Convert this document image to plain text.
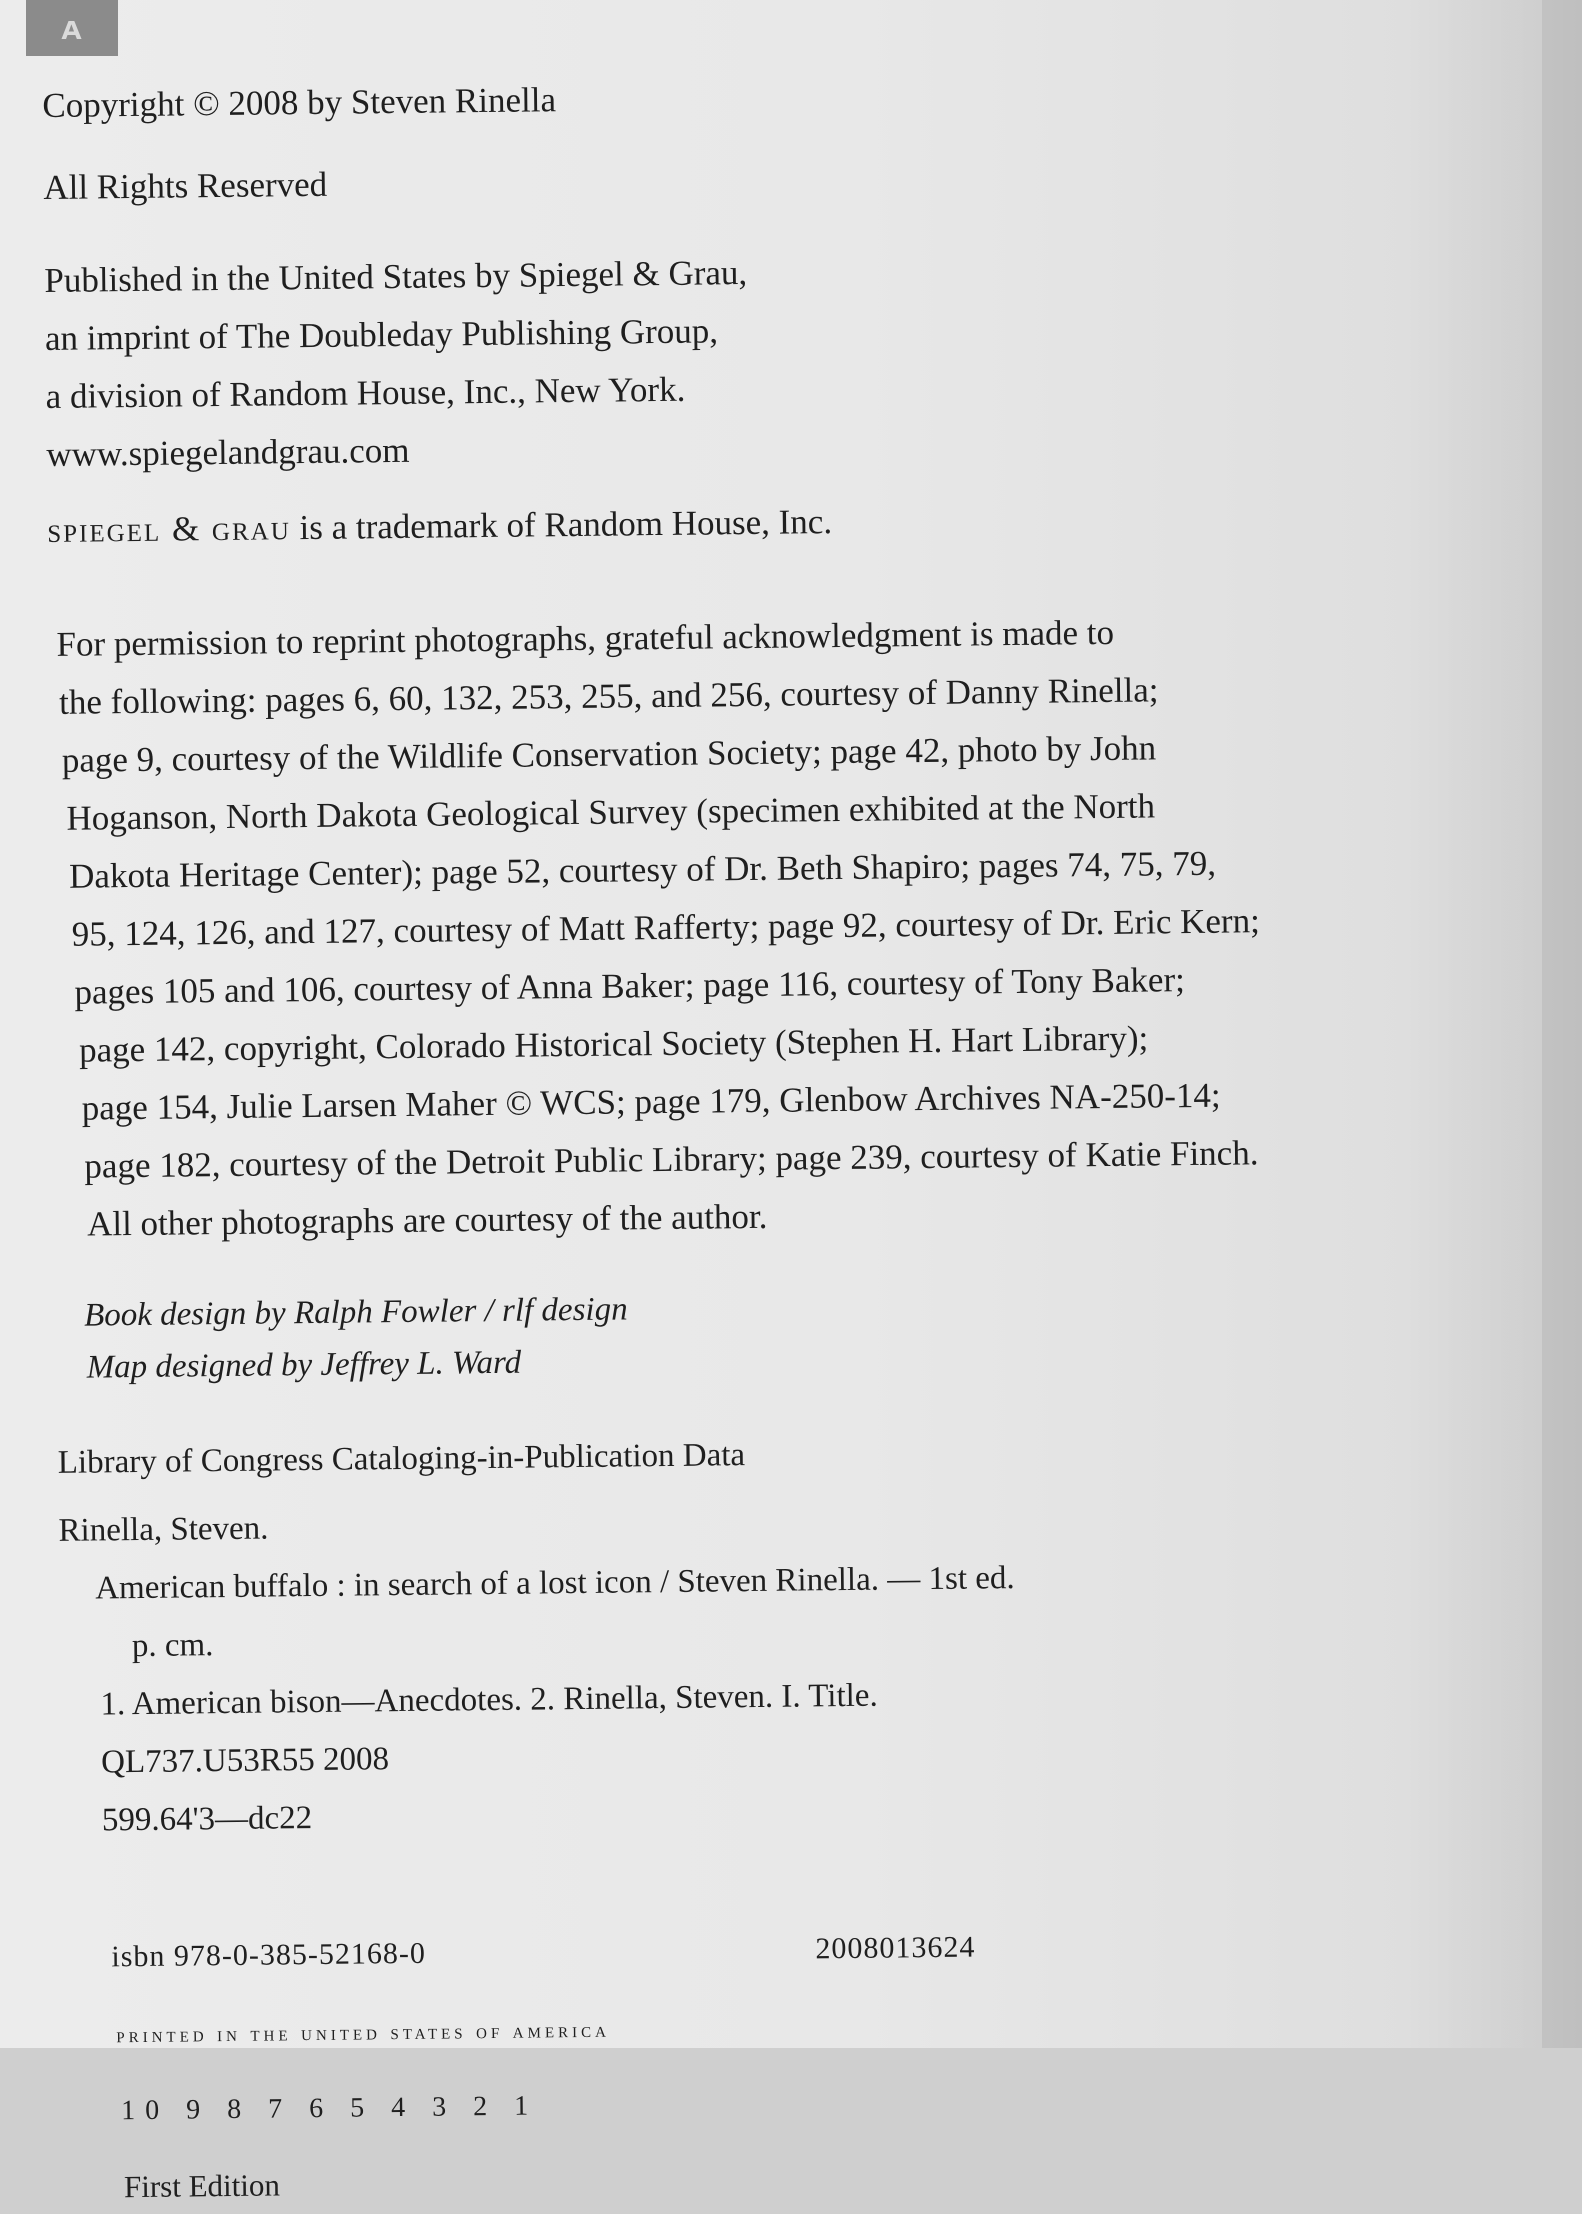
ᴀ

Copyright © 2008 by Steven Rinella

All Rights Reserved

Published in the United States by Spiegel & Grau,
an imprint of The Doubleday Publishing Group,
a division of Random House, Inc., New York.
www.spiegelandgrau.com

spiegel & grau is a trademark of Random House, Inc.

For permission to reprint photographs, grateful acknowledgment is made to
the following: pages 6, 60, 132, 253, 255, and 256, courtesy of Danny Rinella;
page 9, courtesy of the Wildlife Conservation Society; page 42, photo by John
Hoganson, North Dakota Geological Survey (specimen exhibited at the North
Dakota Heritage Center); page 52, courtesy of Dr. Beth Shapiro; pages 74, 75, 79,
95, 124, 126, and 127, courtesy of Matt Rafferty; page 92, courtesy of Dr. Eric Kern;
pages 105 and 106, courtesy of Anna Baker; page 116, courtesy of Tony Baker;
page 142, copyright, Colorado Historical Society (Stephen H. Hart Library);
page 154, Julie Larsen Maher © WCS; page 179, Glenbow Archives NA-250-14;
page 182, courtesy of the Detroit Public Library; page 239, courtesy of Katie Finch.
All other photographs are courtesy of the author.
Book design by Ralph Fowler / rlf design
Map designed by Jeffrey L. Ward
Library of Congress Cataloging-in-Publication Data
Rinella, Steven.
American buffalo : in search of a lost icon / Steven Rinella. — 1st ed.
p. cm.
1. American bison—Anecdotes. 2. Rinella, Steven. I. Title.
QL737.U53R55 2008
599.64'3—dc22
isbn 978-0-385-52168-0	2008013624

printed in the united states of america

10 9 8 7 6 5 4 3 2 1

First Edition
